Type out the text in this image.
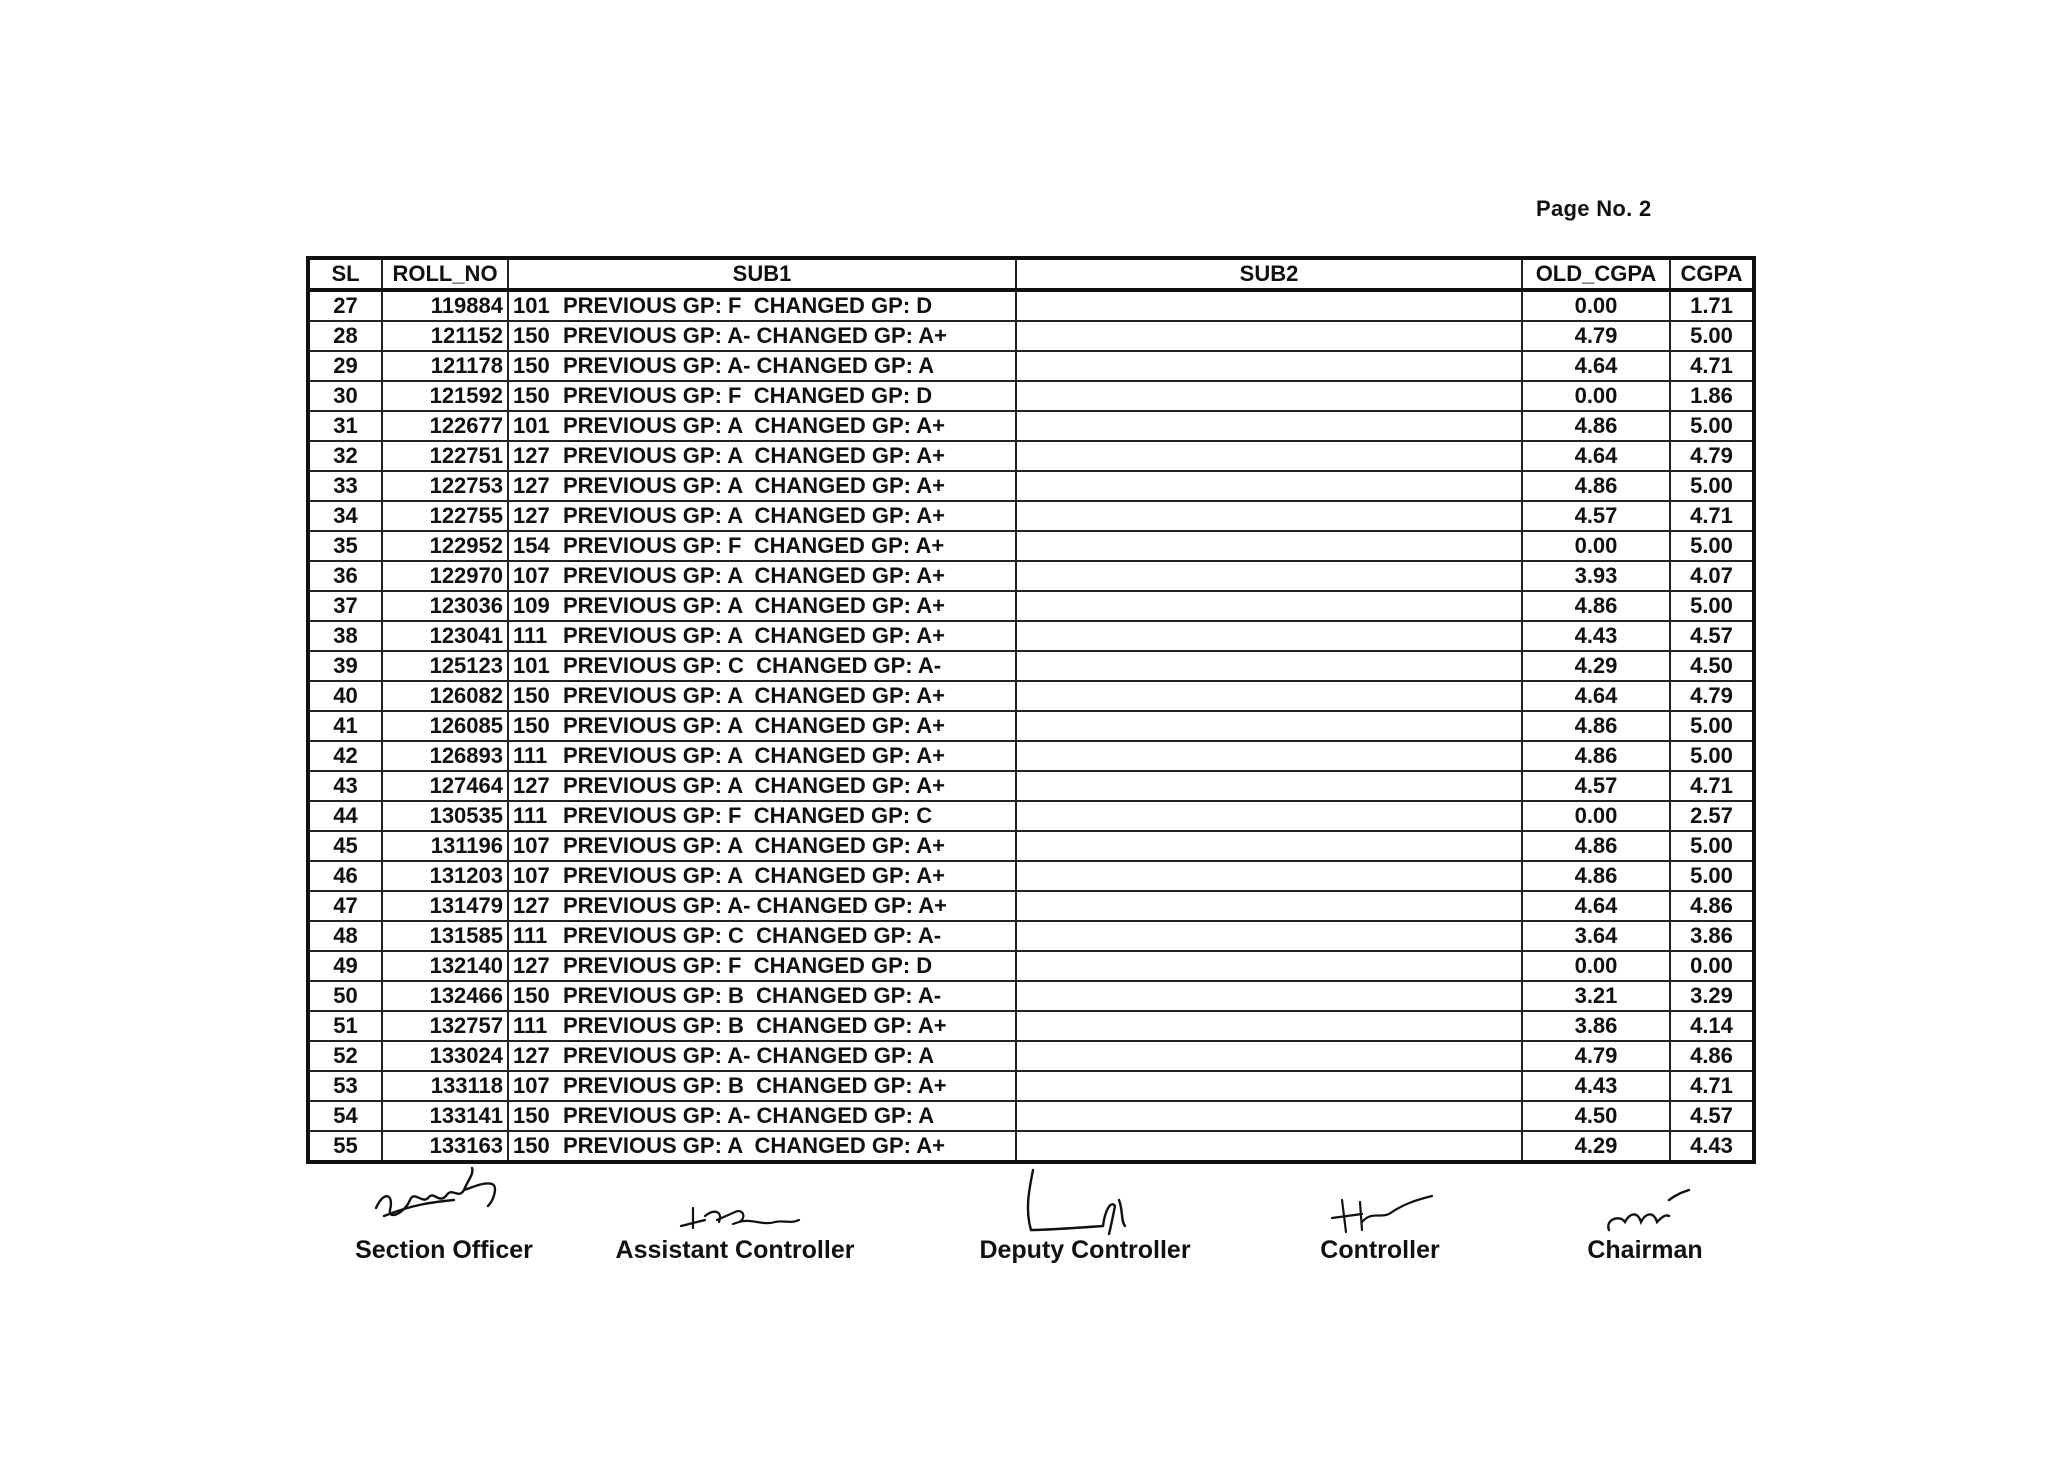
Page No. 2
SL	ROLL_NO	SUB1	SUB2	OLD_CGPA	CGPA
27	119884	101 PREVIOUS GP: F  CHANGED GP: D		0.00	1.71
28	121152	150 PREVIOUS GP: A- CHANGED GP: A+		4.79	5.00
29	121178	150 PREVIOUS GP: A- CHANGED GP: A		4.64	4.71
30	121592	150 PREVIOUS GP: F  CHANGED GP: D		0.00	1.86
31	122677	101 PREVIOUS GP: A  CHANGED GP: A+		4.86	5.00
32	122751	127 PREVIOUS GP: A  CHANGED GP: A+		4.64	4.79
33	122753	127 PREVIOUS GP: A  CHANGED GP: A+		4.86	5.00
34	122755	127 PREVIOUS GP: A  CHANGED GP: A+		4.57	4.71
35	122952	154 PREVIOUS GP: F  CHANGED GP: A+		0.00	5.00
36	122970	107 PREVIOUS GP: A  CHANGED GP: A+		3.93	4.07
37	123036	109 PREVIOUS GP: A  CHANGED GP: A+		4.86	5.00
38	123041	111 PREVIOUS GP: A  CHANGED GP: A+		4.43	4.57
39	125123	101 PREVIOUS GP: C  CHANGED GP: A-		4.29	4.50
40	126082	150 PREVIOUS GP: A  CHANGED GP: A+		4.64	4.79
41	126085	150 PREVIOUS GP: A  CHANGED GP: A+		4.86	5.00
42	126893	111 PREVIOUS GP: A  CHANGED GP: A+		4.86	5.00
43	127464	127 PREVIOUS GP: A  CHANGED GP: A+		4.57	4.71
44	130535	111 PREVIOUS GP: F  CHANGED GP: C		0.00	2.57
45	131196	107 PREVIOUS GP: A  CHANGED GP: A+		4.86	5.00
46	131203	107 PREVIOUS GP: A  CHANGED GP: A+		4.86	5.00
47	131479	127 PREVIOUS GP: A- CHANGED GP: A+		4.64	4.86
48	131585	111 PREVIOUS GP: C  CHANGED GP: A-		3.64	3.86
49	132140	127 PREVIOUS GP: F  CHANGED GP: D		0.00	0.00
50	132466	150 PREVIOUS GP: B  CHANGED GP: A-		3.21	3.29
51	132757	111 PREVIOUS GP: B  CHANGED GP: A+		3.86	4.14
52	133024	127 PREVIOUS GP: A- CHANGED GP: A		4.79	4.86
53	133118	107 PREVIOUS GP: B  CHANGED GP: A+		4.43	4.71
54	133141	150 PREVIOUS GP: A- CHANGED GP: A		4.50	4.57
55	133163	150 PREVIOUS GP: A  CHANGED GP: A+		4.29	4.43
Section Officer	Assistant Controller	Deputy Controller	Controller	Chairman
